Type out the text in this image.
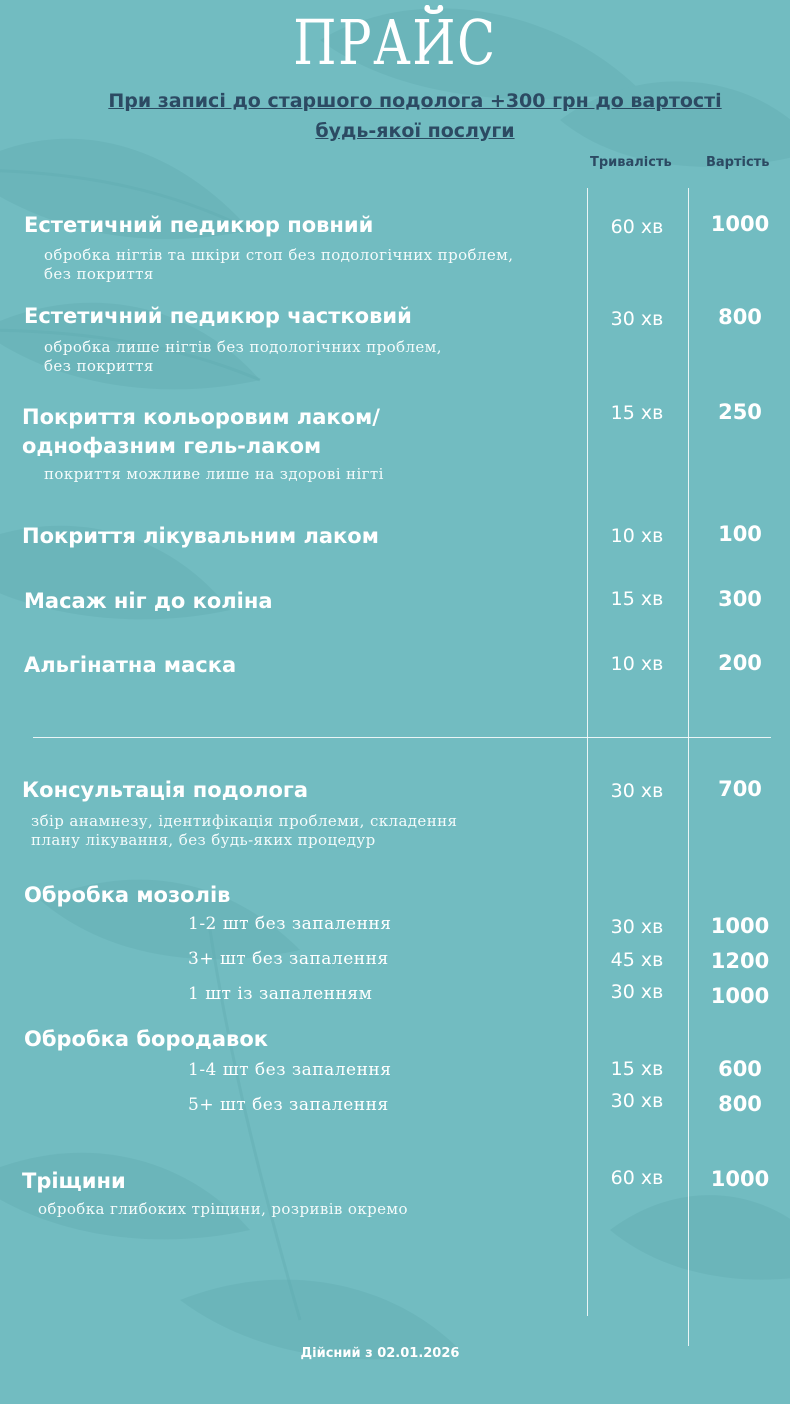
ПРАЙС
При записі до старшого подолога +300 грн до вартості
будь-якої послуги
Тривалість	Вартість
Естетичний педикюр повний
обробка нігтів та шкіри стоп без подологічних проблем,
без покриття
60 хв	1000
Естетичний педикюр частковий
обробка лише нігтів без подологічних проблем,
без покриття
30 хв	800
Покриття кольоровим лаком/
однофазним гель-лаком
покриття можливе лише на здорові нігті
15 хв	250
Покриття лікувальним лаком	10 хв	100
Масаж ніг до коліна	15 хв	300
Альгінатна маска	10 хв	200
Консультація подолога
збір анамнезу, ідентифікація проблеми, складення
плану лікування, без будь-яких процедур
30 хв	700
Обробка мозолів
1-2 шт без запалення	30 хв	1000
3+ шт без запалення	45 хв	1200
1 шт із запаленням	30 хв	1000
Обробка бородавок
1-4 шт без запалення	15 хв	600
5+ шт без запалення	30 хв	800
Тріщини
обробка глибоких тріщини, розривів окремо
60 хв	1000
Дійсний з 02.01.2026
